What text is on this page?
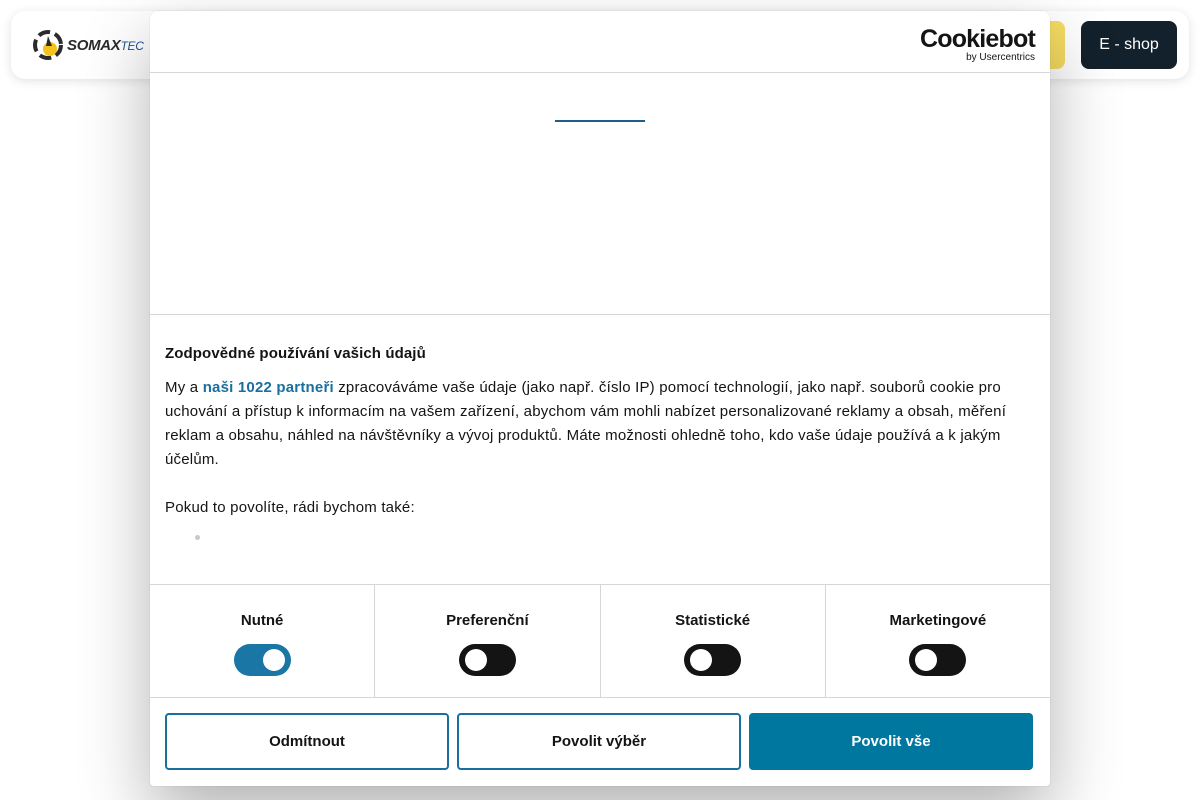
SOMAXTEC	E - shop
Cookiebot
by Usercentrics
Zodpovědné používání vašich údajů

My a naši 1022 partneři zpracováváme vaše údaje (jako např. číslo IP) pomocí technologií, jako např. souborů cookie pro uchování a přístup k informacím na vašem zařízení, abychom vám mohli nabízet personalizované reklamy a obsah, měření reklam a obsahu, náhled na návštěvníky a vývoj produktů. Máte možnosti ohledně toho, kdo vaše údaje používá a k jakým účelům.

Pokud to povolíte, rádi bychom také:

Nutné	Preferenční	Statistické	Marketingové
Odmítnout	Povolit výběr	Povolit vše
